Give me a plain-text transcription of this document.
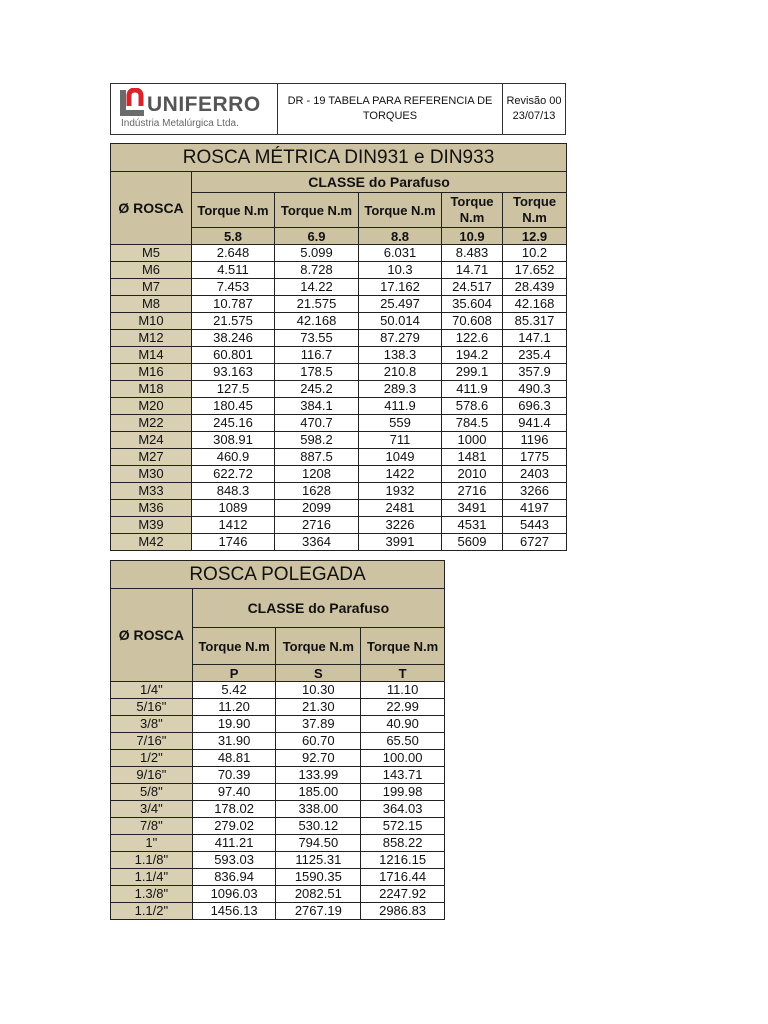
UNIFERRO
Indústria Metalúrgica Ltda.
DR - 19 TABELA PARA REFERENCIA DE TORQUES
Revisão 00
23/07/13
ROSCA MÉTRICA DIN931 e DIN933					
Ø ROSCA	CLASSE do Parafuso				
	Torque N.m	Torque N.m	Torque N.m	Torque N.m	Torque N.m
	5.8	6.9	8.8	10.9	12.9
M5	2.648	5.099	6.031	8.483	10.2
M6	4.511	8.728	10.3	14.71	17.652
M7	7.453	14.22	17.162	24.517	28.439
M8	10.787	21.575	25.497	35.604	42.168
M10	21.575	42.168	50.014	70.608	85.317
M12	38.246	73.55	87.279	122.6	147.1
M14	60.801	116.7	138.3	194.2	235.4
M16	93.163	178.5	210.8	299.1	357.9
M18	127.5	245.2	289.3	411.9	490.3
M20	180.45	384.1	411.9	578.6	696.3
M22	245.16	470.7	559	784.5	941.4
M24	308.91	598.2	711	1000	1196
M27	460.9	887.5	1049	1481	1775
M30	622.72	1208	1422	2010	2403
M33	848.3	1628	1932	2716	3266
M36	1089	2099	2481	3491	4197
M39	1412	2716	3226	4531	5443
M42	1746	3364	3991	5609	6727
ROSCA POLEGADA			
Ø ROSCA	CLASSE do Parafuso		
	Torque N.m	Torque N.m	Torque N.m
	P	S	T
1/4"	5.42	10.30	11.10
5/16"	11.20	21.30	22.99
3/8"	19.90	37.89	40.90
7/16"	31.90	60.70	65.50
1/2"	48.81	92.70	100.00
9/16"	70.39	133.99	143.71
5/8"	97.40	185.00	199.98
3/4"	178.02	338.00	364.03
7/8"	279.02	530.12	572.15
1"	411.21	794.50	858.22
1.1/8"	593.03	1125.31	1216.15
1.1/4"	836.94	1590.35	1716.44
1.3/8"	1096.03	2082.51	2247.92
1.1/2"	1456.13	2767.19	2986.83
